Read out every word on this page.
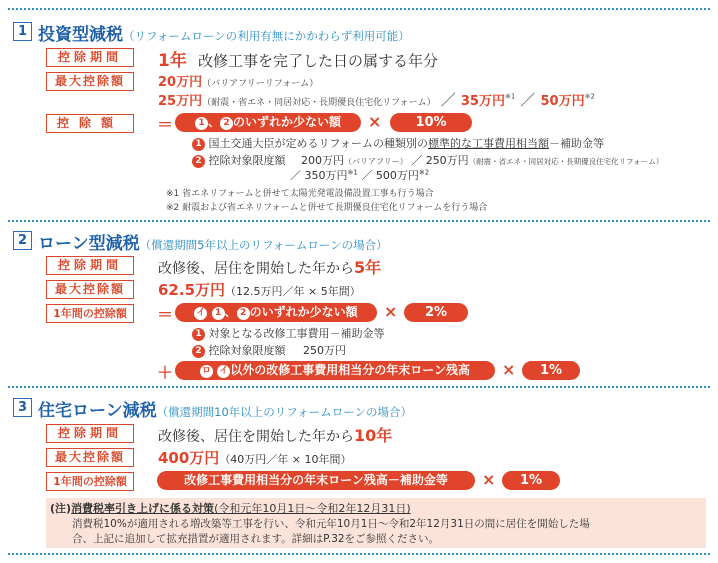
1 投資型減税（リフォームローンの利用有無にかかわらず利用可能）
控除期間	1年 改修工事を完了した日の属する年分
最大控除額	20万円（バリアフリーリフォーム）
25万円（耐震・省エネ・同居対応・長期優良住宅化リフォーム） ／ 35万円$^{※1}$ ／ 50万円$^{※2}$
控除額	＝	1 、 2 のいずれか少ない額	×	10%
1 国土交通大臣が定めるリフォームの種類別の標準的な工事費用相当額－補助金等
2 控除対象限度額 200万円（バリアフリー） ／ 250万円（耐震・省エネ・同居対応・長期優良住宅化リフォーム）
／ 350万円$^{※1}$ ／ 500万円$^{※2}$
※1 省エネリフォームと併せて太陽光発電設備設置工事も行う場合
※2 耐震および省エネリフォームと併せて長期優良住宅化リフォームを行う場合
2 ローン型減税（償還期間5年以上のリフォームローンの場合）
控除期間	改修後、居住を開始した年から5年
最大控除額	62.5万円（12.5万円／年 × 5年間）
1年間の控除額	＝	イ 1 、 2 のいずれか少ない額	×	2%
1 対象となる改修工事費用－補助金等
2 控除対象限度額 250万円
＋	ロ イ 以外の改修工事費用相当分の年末ローン残高	×	1%
3 住宅ローン減税（償還期間10年以上のリフォームローンの場合）
控除期間	改修後、居住を開始した年から10年
最大控除額	400万円（40万円／年 × 10年間）
1年間の控除額	改修工事費用相当分の年末ローン残高－補助金等	×	1%
(注)消費税率引き上げに係る対策(令和元年10月1日～令和2年12月31日)
消費税10%が適用される増改築等工事を行い、令和元年10月1日～令和2年12月31日の間に居住を開始した場
合、上記に追加して拡充措置が適用されます。詳細はP.32をご参照ください。
